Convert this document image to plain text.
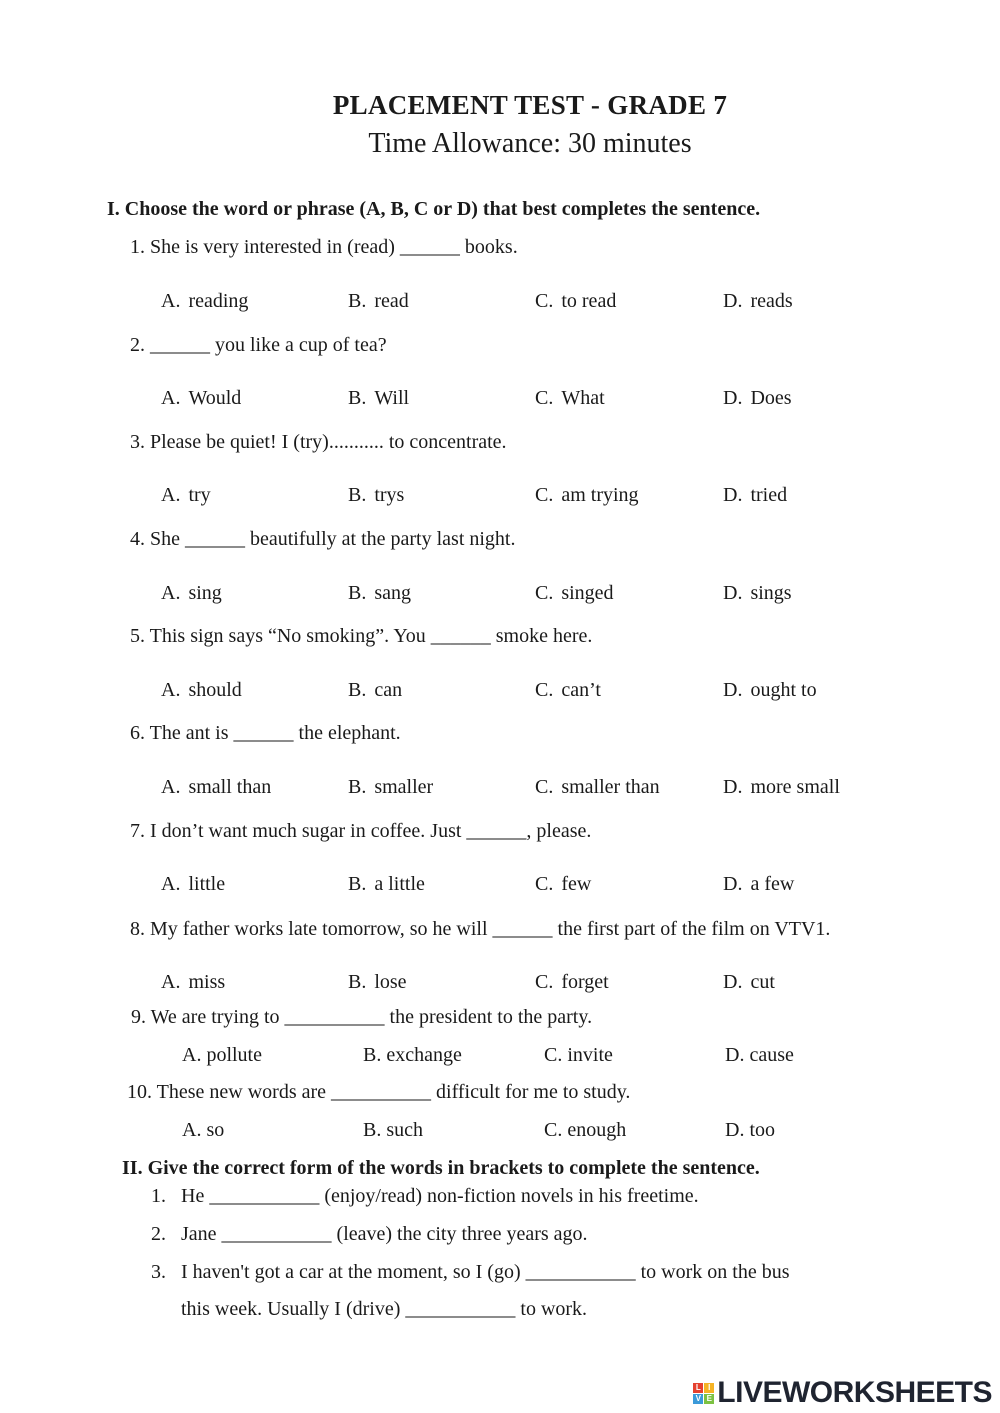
PLACEMENT TEST - GRADE 7
Time Allowance: 30 minutes
I. Choose the word or phrase (A, B, C or D) that best completes the sentence.
1. She is very interested in (read) ______ books.
A. reading	B. read	C. to read	D. reads
2. ______ you like a cup of tea?
A. Would	B. Will	C. What	D. Does
3. Please be quiet! I (try)........... to concentrate.
A. try	B. trys	C. am trying	D. tried
4. She ______ beautifully at the party last night.
A. sing	B. sang	C. singed	D. sings
5. This sign says “No smoking”. You ______ smoke here.
A. should	B. can	C. can’t	D. ought to
6. The ant is ______ the elephant.
A. small than	B. smaller	C. smaller than	D. more small
7. I don’t want much sugar in coffee. Just ______, please.
A. little	B. a little	C. few	D. a few
8. My father works late tomorrow, so he will ______ the first part of the film on VTV1.
A. miss	B. lose	C. forget	D. cut
9. We are trying to __________ the president to the party.
A. pollute	B. exchange	C. invite	D. cause
10. These new words are __________ difficult for me to study.
A. so	B. such	C. enough	D. too
II. Give the correct form of the words in brackets to complete the sentence.
1. He ___________ (enjoy/read) non-fiction novels in his freetime.
2. Jane ___________ (leave) the city three years ago.
3. I haven't got a car at the moment, so I (go) ___________ to work on the bus
this week. Usually I (drive) ___________ to work.
L I
V E LIVEWORKSHEETS
